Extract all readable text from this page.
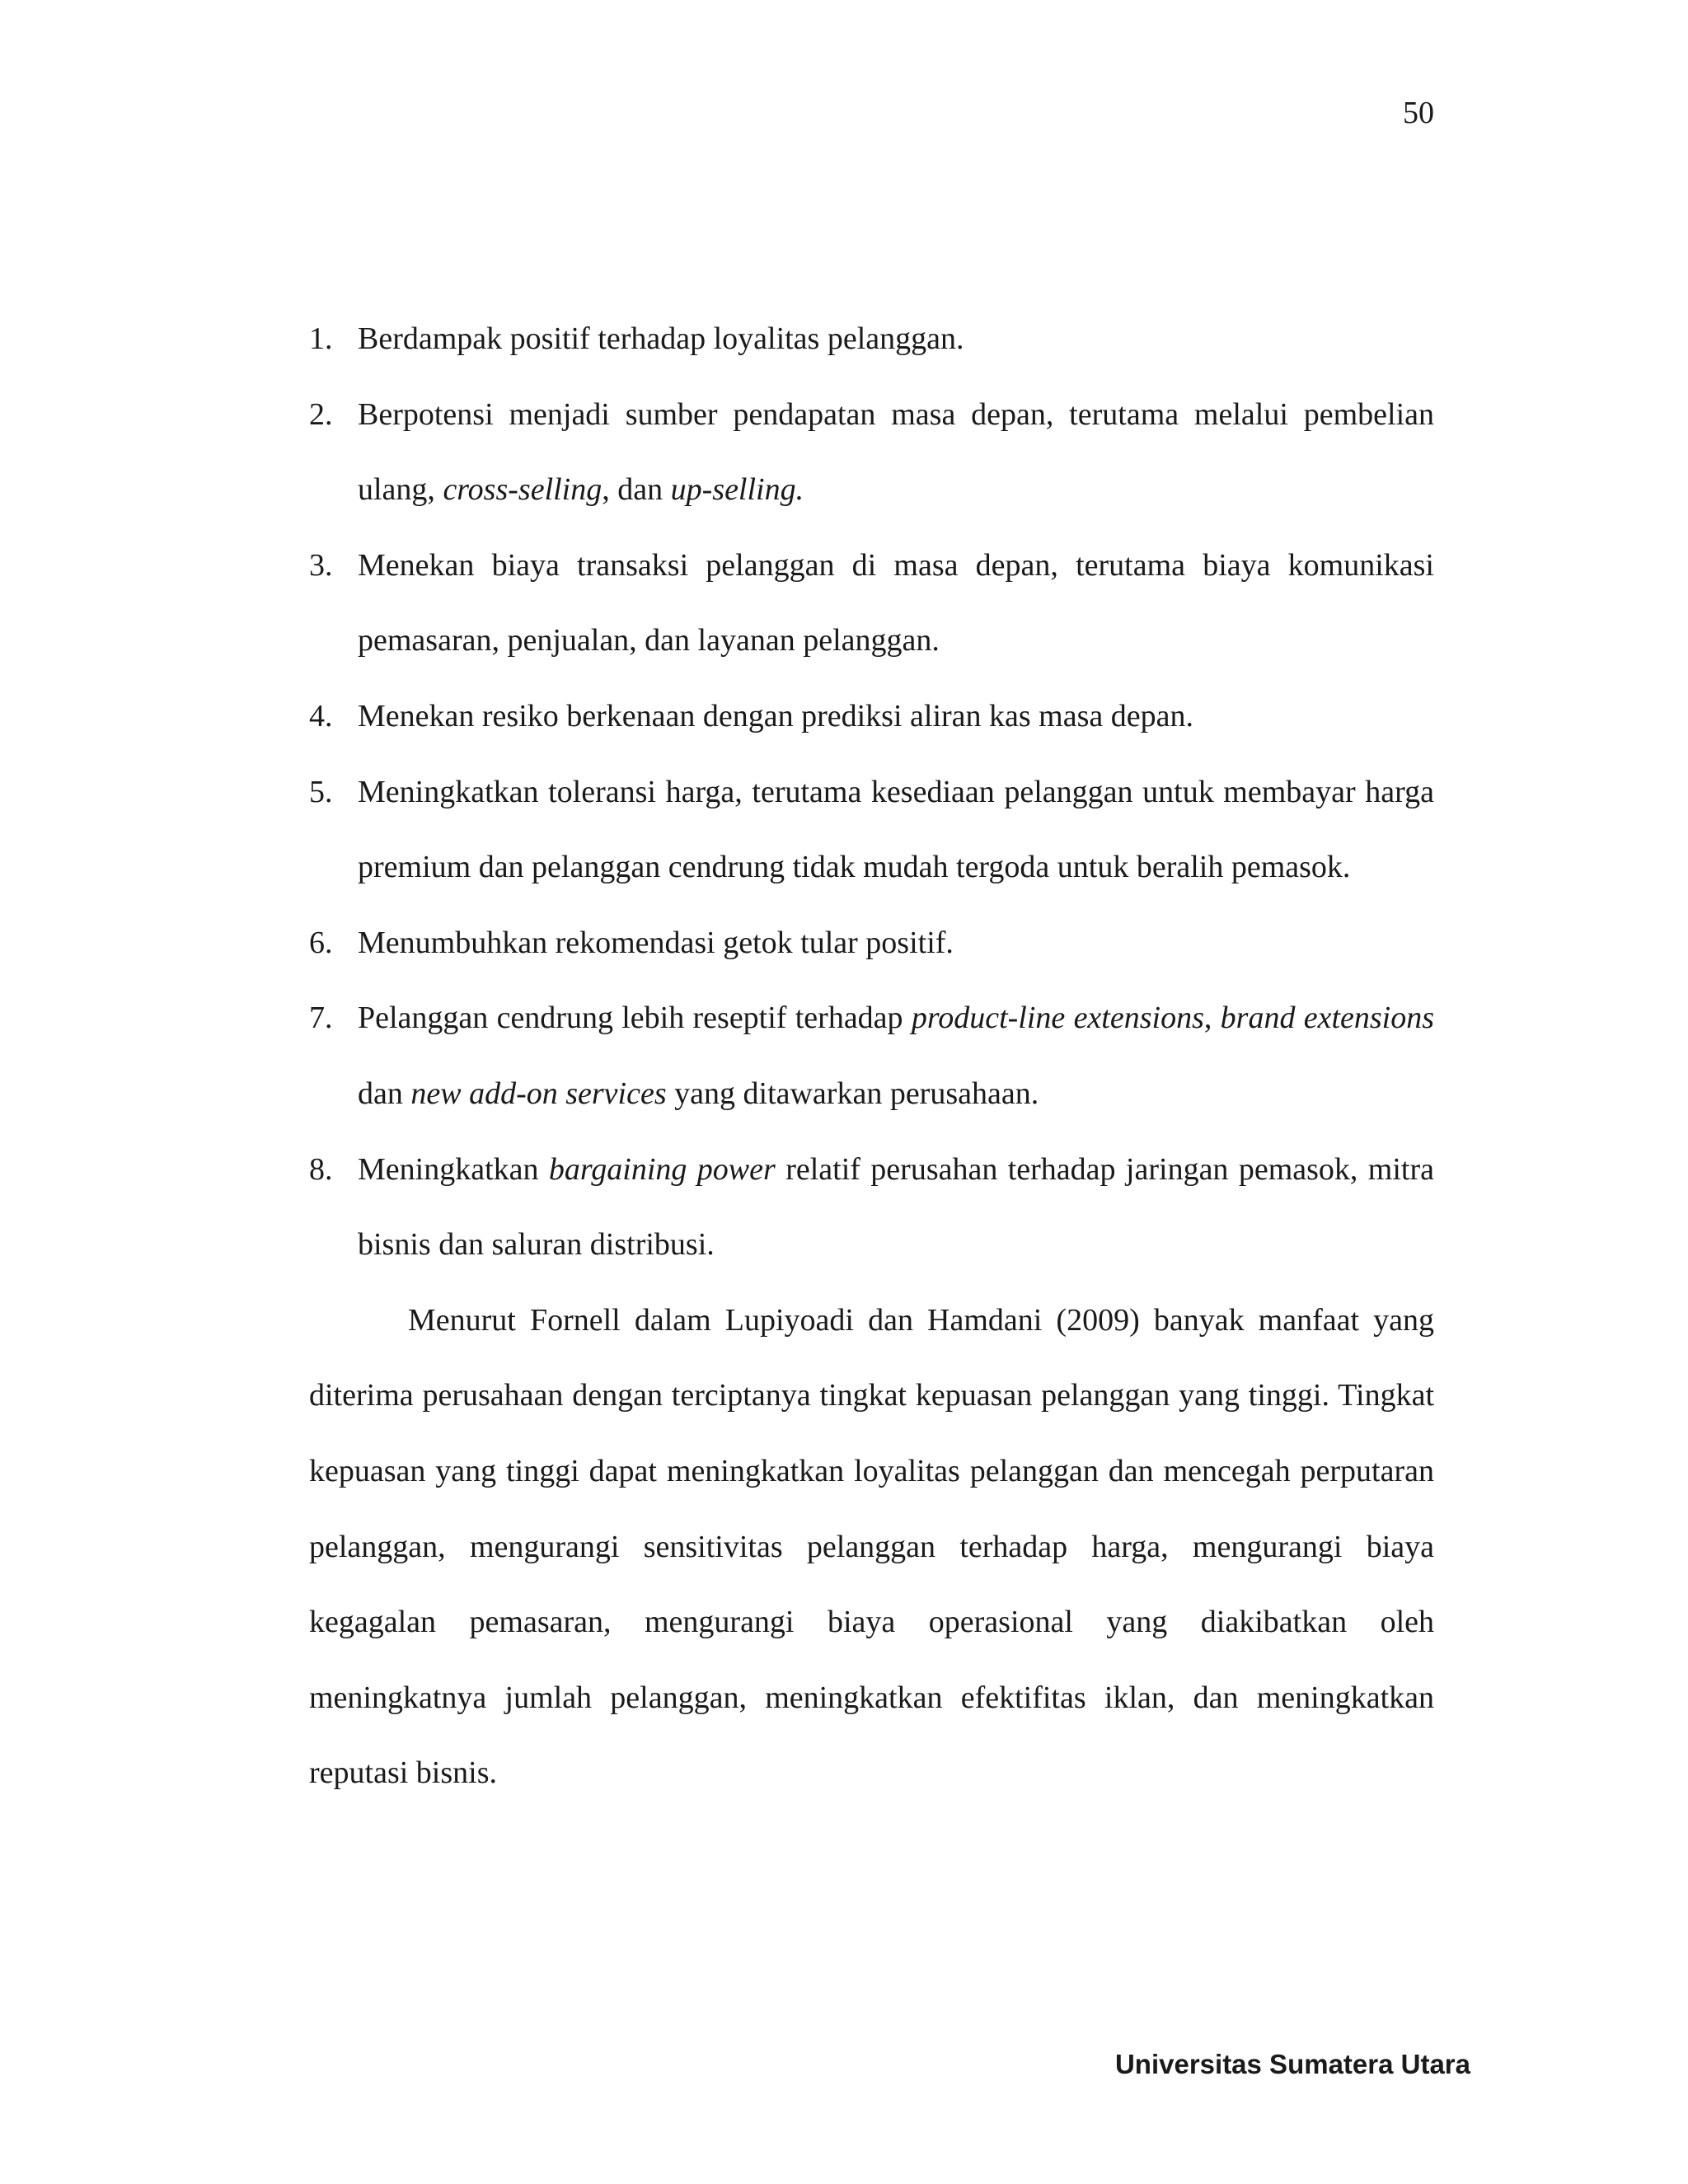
50
1. Berdampak positif terhadap loyalitas pelanggan.
2. Berpotensi menjadi sumber pendapatan masa depan, terutama melalui pembelian ulang, cross-selling, dan up-selling.
3. Menekan biaya transaksi pelanggan di masa depan, terutama biaya komunikasi pemasaran, penjualan, dan layanan pelanggan.
4. Menekan resiko berkenaan dengan prediksi aliran kas masa depan.
5. Meningkatkan toleransi harga, terutama kesediaan pelanggan untuk membayar harga premium dan pelanggan cendrung tidak mudah tergoda untuk beralih pemasok.
6. Menumbuhkan rekomendasi getok tular positif.
7. Pelanggan cendrung lebih reseptif terhadap product-line extensions, brand extensions dan new add-on services yang ditawarkan perusahaan.
8. Meningkatkan bargaining power relatif perusahan terhadap jaringan pemasok, mitra bisnis dan saluran distribusi.

Menurut Fornell dalam Lupiyoadi dan Hamdani (2009) banyak manfaat yang diterima perusahaan dengan terciptanya tingkat kepuasan pelanggan yang tinggi. Tingkat kepuasan yang tinggi dapat meningkatkan loyalitas pelanggan dan mencegah perputaran pelanggan, mengurangi sensitivitas pelanggan terhadap harga, mengurangi biaya kegagalan pemasaran, mengurangi biaya operasional yang diakibatkan oleh meningkatnya jumlah pelanggan, meningkatkan efektifitas iklan, dan meningkatkan reputasi bisnis.

Universitas Sumatera Utara
